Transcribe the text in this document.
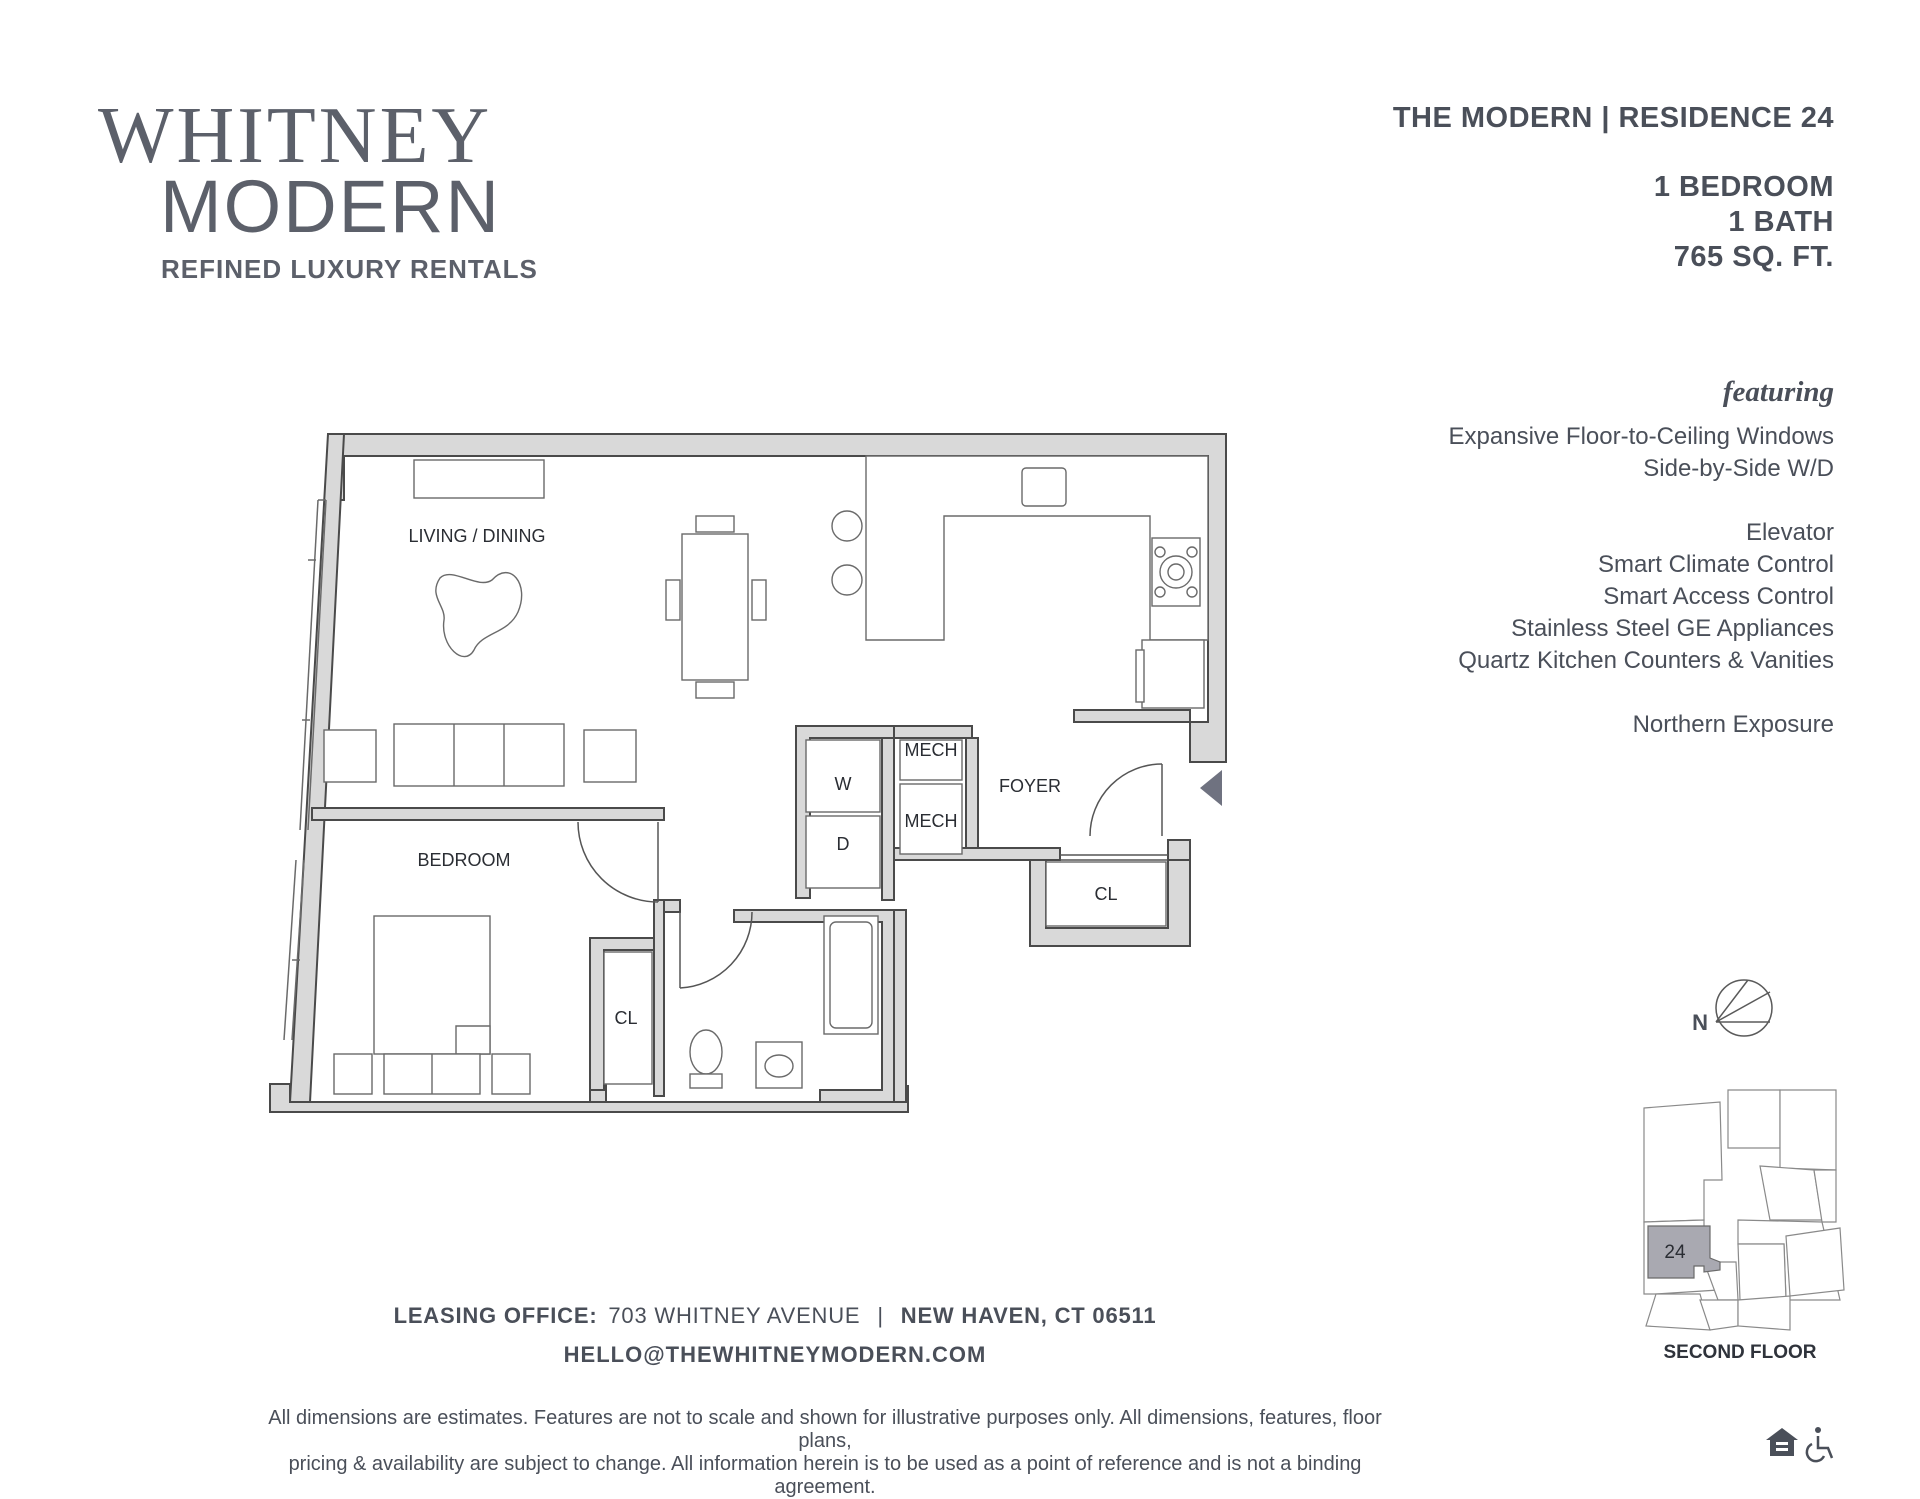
WHITNEY
MODERN
REFINED LUXURY RENTALS
THE MODERN | RESIDENCE 24
1 BEDROOM
1 BATH
765 SQ. FT.
featuring
Expansive Floor-to-Ceiling Windows
Side-by-Side W/D
Elevator
Smart Climate Control
Smart Access Control
Stainless Steel GE Appliances
Quartz Kitchen Counters & Vanities
Northern Exposure
LIVING / DINING
BEDROOM
FOYER
CL
CL
MECH
MECH
W
D
N
24
SECOND FLOOR
LEASING OFFICE: 703 WHITNEY AVENUE | NEW HAVEN, CT 06511
HELLO@THEWHITNEYMODERN.COM
All dimensions are estimates. Features are not to scale and shown for illustrative purposes only. All dimensions, features, floor plans,
pricing & availability are subject to change. All information herein is to be used as a point of reference and is not a binding agreement.
